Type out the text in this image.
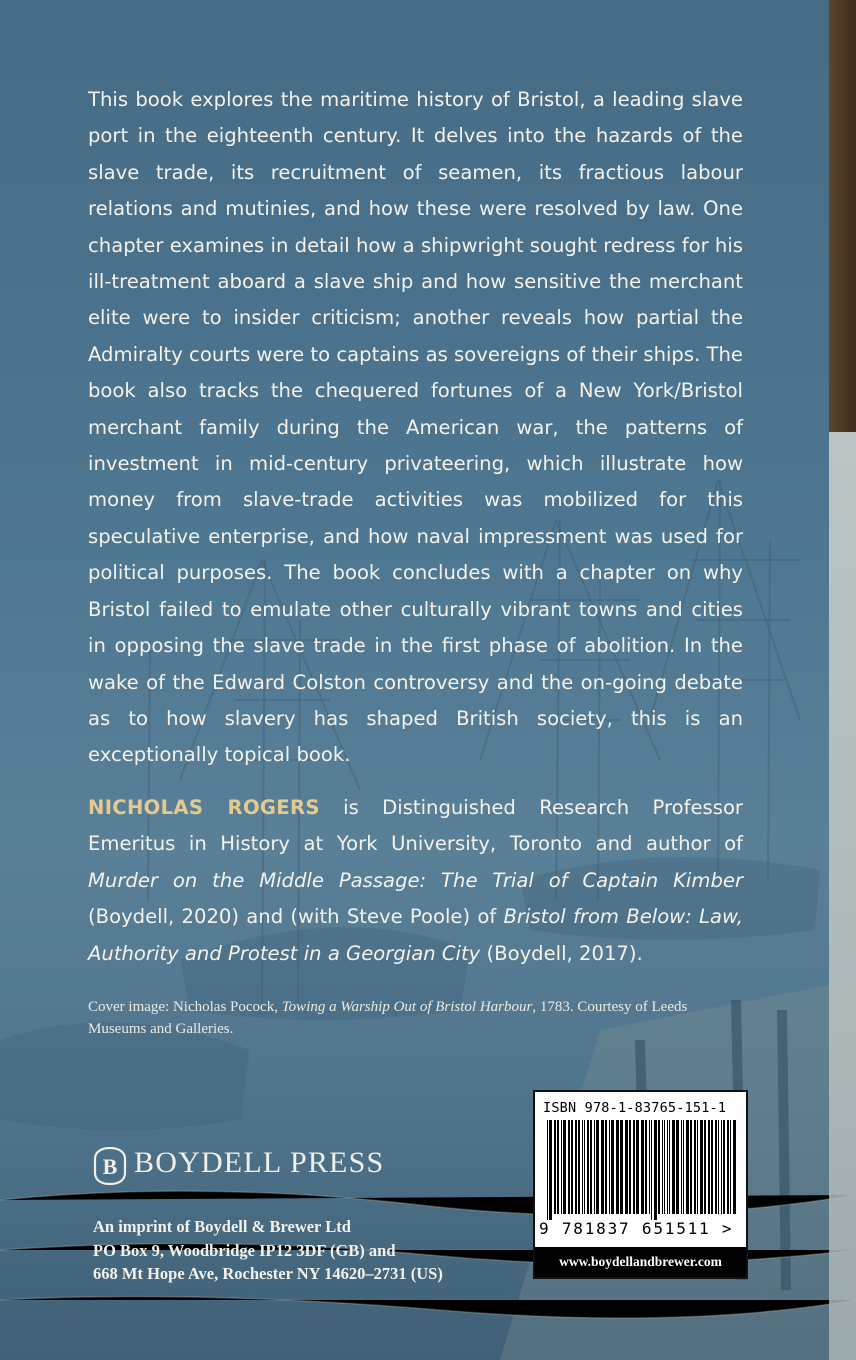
This book explores the maritime history of Bristol, a leading slave port in the eighteenth century. It delves into the hazards of the slave trade, its recruitment of seamen, its fractious labour relations and mutinies, and how these were resolved by law. One chapter examines in detail how a shipwright sought redress for his ill-treatment aboard a slave ship and how sensitive the merchant elite were to insider criticism; another reveals how partial the Admiralty courts were to captains as sovereigns of their ships. The book also tracks the chequered fortunes of a New York/Bristol merchant family during the American war, the patterns of investment in mid-century privateering, which illustrate how money from slave-trade activities was mobilized for this speculative enterprise, and how naval impressment was used for political purposes. The book concludes with a chapter on why Bristol failed to emulate other culturally vibrant towns and cities in opposing the slave trade in the first phase of abolition. In the wake of the Edward Colston controversy and the on-going debate as to how slavery has shaped British society, this is an exceptionally topical book.

NICHOLAS ROGERS is Distinguished Research Professor Emeritus in History at York University, Toronto and author of Murder on the Middle Passage: The Trial of Captain Kimber (Boydell, 2020) and (with Steve Poole) of Bristol from Below: Law, Authority and Protest in a Georgian City (Boydell, 2017).

Cover image: Nicholas Pocock, Towing a Warship Out of Bristol Harbour, 1783. Courtesy of Leeds Museums and Galleries.

B BOYDELL PRESS
An imprint of Boydell & Brewer Ltd
PO Box 9, Woodbridge IP12 3DF (GB) and
668 Mt Hope Ave, Rochester NY 14620–2731 (US)
ISBN 978-1-83765-151-1
9 781837 651511 >
www.boydellandbrewer.com
